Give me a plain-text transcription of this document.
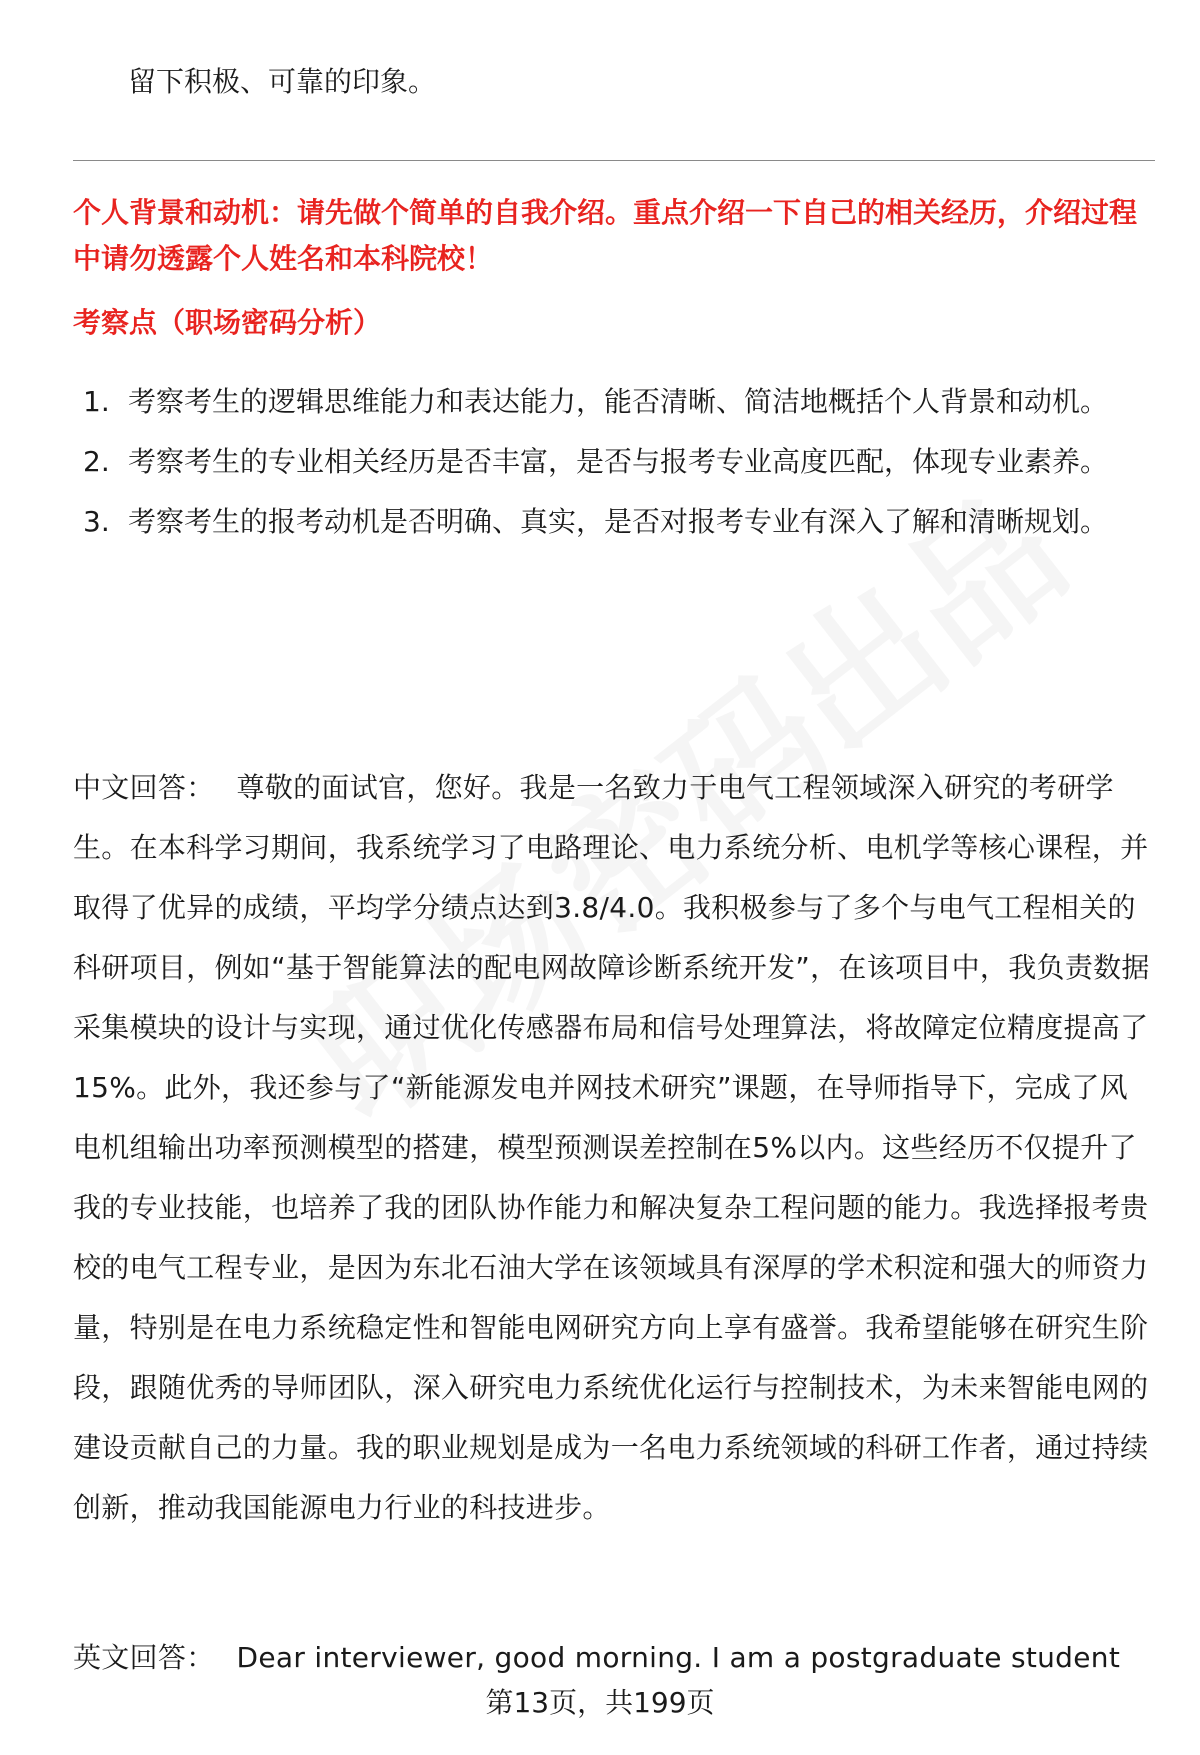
留下积极、可靠的印象。
个人背景和动机：请先做个简单的自我介绍。重点介绍一下自己的相关经历，介绍过程中请勿透露个人姓名和本科院校！
考察点（职场密码分析）
1. 考察考生的逻辑思维能力和表达能力，能否清晰、简洁地概括个人背景和动机。
2. 考察考生的专业相关经历是否丰富，是否与报考专业高度匹配，体现专业素养。
3. 考察考生的报考动机是否明确、真实，是否对报考专业有深入了解和清晰规划。
中文回答： 尊敬的面试官，您好。我是一名致力于电气工程领域深入研究的考研学生。在本科学习期间，我系统学习了电路理论、电力系统分析、电机学等核心课程，并取得了优异的成绩，平均学分绩点达到3.8/4.0。我积极参与了多个与电气工程相关的科研项目，例如“基于智能算法的配电网故障诊断系统开发”，在该项目中，我负责数据采集模块的设计与实现，通过优化传感器布局和信号处理算法，将故障定位精度提高了15%。此外，我还参与了“新能源发电并网技术研究”课题，在导师指导下，完成了风电机组输出功率预测模型的搭建，模型预测误差控制在5%以内。这些经历不仅提升了我的专业技能，也培养了我的团队协作能力和解决复杂工程问题的能力。我选择报考贵校的电气工程专业，是因为东北石油大学在该领域具有深厚的学术积淀和强大的师资力量，特别是在电力系统稳定性和智能电网研究方向上享有盛誉。我希望能够在研究生阶段，跟随优秀的导师团队，深入研究电力系统优化运行与控制技术，为未来智能电网的建设贡献自己的力量。我的职业规划是成为一名电力系统领域的科研工作者，通过持续创新，推动我国能源电力行业的科技进步。
英文回答： Dear interviewer, good morning. I am a postgraduate student
第13页，共199页
